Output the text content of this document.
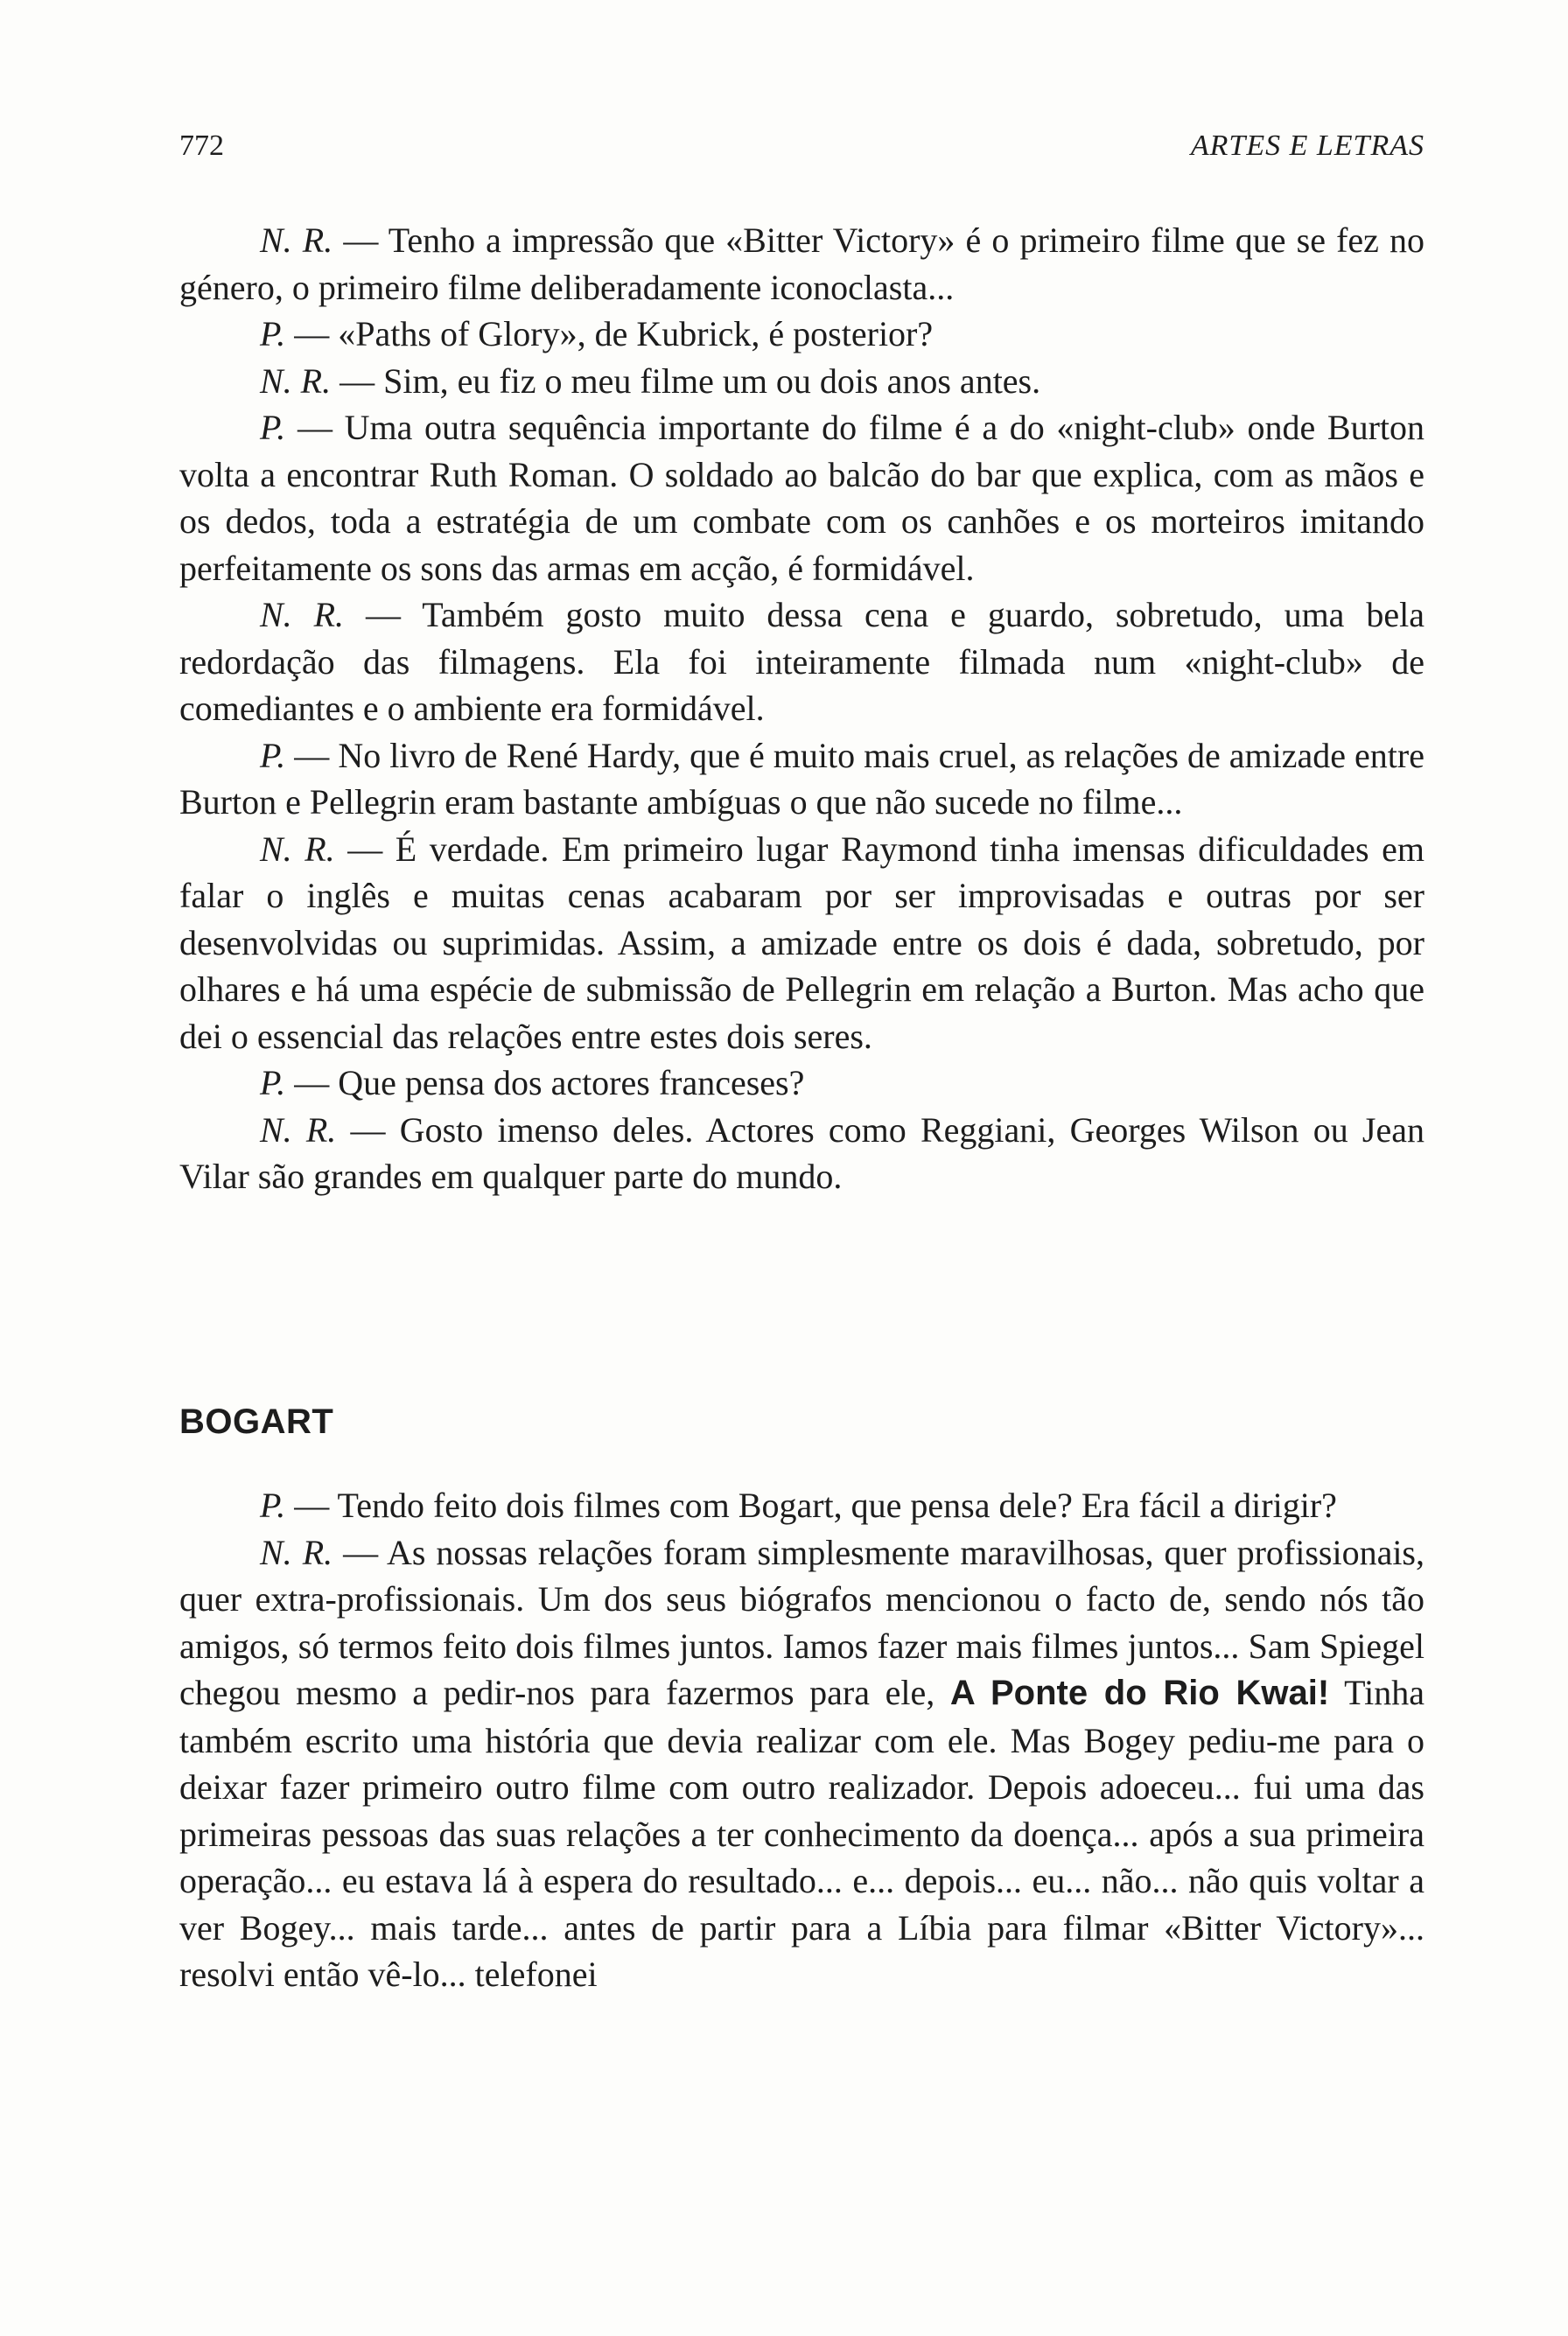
772	ARTES E LETRAS

N. R. — Tenho a impressão que «Bitter Victory» é o primeiro filme que se fez no género, o primeiro filme deliberadamente iconoclasta...

P. — «Paths of Glory», de Kubrick, é posterior?

N. R. — Sim, eu fiz o meu filme um ou dois anos antes.

P. — Uma outra sequência importante do filme é a do «night-club» onde Burton volta a encontrar Ruth Roman. O soldado ao balcão do bar que explica, com as mãos e os dedos, toda a estratégia de um combate com os canhões e os morteiros imitando perfeitamente os sons das armas em acção, é formidável.

N. R. — Também gosto muito dessa cena e guardo, sobretudo, uma bela redordação das filmagens. Ela foi inteiramente filmada num «night-club» de comediantes e o ambiente era formidável.

P. — No livro de René Hardy, que é muito mais cruel, as relações de amizade entre Burton e Pellegrin eram bastante ambíguas o que não sucede no filme...

N. R. — É verdade. Em primeiro lugar Raymond tinha imensas dificuldades em falar o inglês e muitas cenas acabaram por ser improvisadas e outras por ser desenvolvidas ou suprimidas. Assim, a amizade entre os dois é dada, sobretudo, por olhares e há uma espécie de submissão de Pellegrin em relação a Burton. Mas acho que dei o essencial das relações entre estes dois seres.

P. — Que pensa dos actores franceses?

N. R. — Gosto imenso deles. Actores como Reggiani, Georges Wilson ou Jean Vilar são grandes em qualquer parte do mundo.

BOGART

P. — Tendo feito dois filmes com Bogart, que pensa dele? Era fácil a dirigir?

N. R. — As nossas relações foram simplesmente maravilhosas, quer profissionais, quer extra-profissionais. Um dos seus biógrafos mencionou o facto de, sendo nós tão amigos, só termos feito dois filmes juntos. Iamos fazer mais filmes juntos... Sam Spiegel chegou mesmo a pedir-nos para fazermos para ele, A Ponte do Rio Kwai! Tinha também escrito uma história que devia realizar com ele. Mas Bogey pediu-me para o deixar fazer primeiro outro filme com outro realizador. Depois adoeceu... fui uma das primeiras pessoas das suas relações a ter conhecimento da doença... após a sua primeira operação... eu estava lá à espera do resultado... e... depois... eu... não... não quis voltar a ver Bogey... mais tarde... antes de partir para a Líbia para filmar «Bitter Victory»... resolvi então vê-lo... telefonei
